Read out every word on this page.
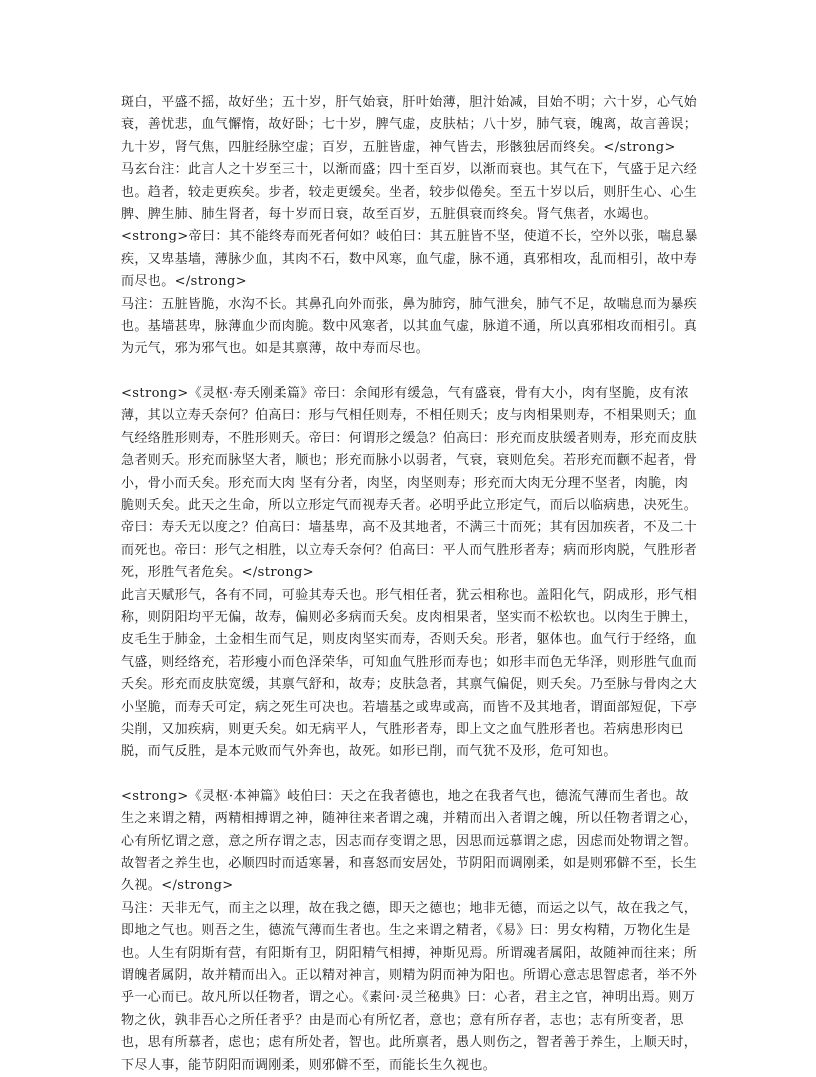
斑白，平盛不摇，故好坐；五十岁，肝气始衰，肝叶始薄，胆汁始减，目始不明；六十岁，心气始衰，善忧悲，血气懈惰，故好卧；七十岁，脾气虚，皮肤枯；八十岁，肺气衰，魄离，故言善误；九十岁，肾气焦，四脏经脉空虚；百岁，五脏皆虚，神气皆去，形骸独居而终矣。</strong>

马玄台注：此言人之十岁至三十，以渐而盛；四十至百岁，以渐而衰也。其气在下，气盛于足六经也。趋者，较走更疾矣。步者，较走更缓矣。坐者，较步似倦矣。至五十岁以后，则肝生心、心生脾、脾生肺、肺生肾者，每十岁而日衰，故至百岁，五脏俱衰而终矣。肾气焦者，水竭也。

<strong>帝曰：其不能终寿而死者何如？岐伯曰：其五脏皆不坚，使道不长，空外以张，喘息暴疾，又卑基墙，薄脉少血，其肉不石，数中风寒，血气虚，脉不通，真邪相攻，乱而相引，故中寿而尽也。</strong>

马注：五脏皆脆，水沟不长。其鼻孔向外而张，鼻为肺窍，肺气泄矣，肺气不足，故喘息而为暴疾也。基墙甚卑，脉薄血少而肉脆。数中风寒者，以其血气虚，脉道不通，所以真邪相攻而相引。真为元气，邪为邪气也。如是其禀薄，故中寿而尽也。

<strong>《灵枢·寿夭刚柔篇》帝曰：余闻形有缓急，气有盛衰，骨有大小，肉有坚脆，皮有浓薄，其以立寿夭奈何？伯高曰：形与气相任则寿，不相任则夭；皮与肉相果则寿，不相果则夭；血气经络胜形则寿，不胜形则夭。帝曰：何谓形之缓急？伯高曰：形充而皮肤缓者则寿，形充而皮肤急者则夭。形充而脉坚大者，顺也；形充而脉小以弱者，气衰，衰则危矣。若形充而颧不起者，骨小，骨小而夭矣。形充而大肉 坚有分者，肉坚，肉坚则寿；形充而大肉无分理不坚者，肉脆，肉脆则夭矣。此天之生命，所以立形定气而视寿夭者。必明乎此立形定气，而后以临病患，决死生。帝曰：寿夭无以度之？伯高曰：墙基卑，高不及其地者，不满三十而死；其有因加疾者，不及二十而死也。帝曰：形气之相胜，以立寿夭奈何？伯高曰：平人而气胜形者寿；病而形肉脱，气胜形者死，形胜气者危矣。</strong>

此言天赋形气，各有不同，可验其寿夭也。形气相任者，犹云相称也。盖阳化气，阴成形，形气相称，则阴阳均平无偏，故寿，偏则必多病而夭矣。皮肉相果者，坚实而不松软也。以肉生于脾土，皮毛生于肺金，土金相生而气足，则皮肉坚实而寿，否则夭矣。形者，躯体也。血气行于经络，血气盛，则经络充，若形瘦小而色泽荣华，可知血气胜形而寿也；如形丰而色无华泽，则形胜气血而夭矣。形充而皮肤宽缓，其禀气舒和，故寿；皮肤急者，其禀气偏促，则夭矣。乃至脉与骨肉之大小坚脆，而寿夭可定，病之死生可决也。若墙基之或卑或高，而皆不及其地者，谓面部短促，下亭尖削，又加疾病，则更夭矣。如无病平人，气胜形者寿，即上文之血气胜形者也。若病患形肉已脱，而气反胜，是本元败而气外奔也，故死。如形已削，而气犹不及形，危可知也。

<strong>《灵枢·本神篇》岐伯曰：天之在我者德也，地之在我者气也，德流气薄而生者也。故生之来谓之精，两精相搏谓之神，随神往来者谓之魂，并精而出入者谓之魄，所以任物者谓之心，心有所忆谓之意，意之所存谓之志，因志而存变谓之思，因思而远慕谓之虑，因虑而处物谓之智。故智者之养生也，必顺四时而适寒暑，和喜怒而安居处，节阴阳而调刚柔，如是则邪僻不至，长生久视。</strong>

马注：天非无气，而主之以理，故在我之德，即天之德也；地非无德，而运之以气，故在我之气，即地之气也。则吾之生，德流气薄而生者也。生之来谓之精者，《易》曰：男女构精，万物化生是也。人生有阴斯有营，有阳斯有卫，阴阳精气相搏，神斯见焉。所谓魂者属阳，故随神而往来；所谓魄者属阴，故并精而出入。正以精对神言，则精为阴而神为阳也。所谓心意志思智虑者，举不外乎一心而已。故凡所以任物者，谓之心。《素问·灵兰秘典》曰：心者，君主之官，神明出焉。则万物之伙，孰非吾心之所任者乎？由是而心有所忆者，意也；意有所存者，志也；志有所变者，思也，思有所慕者，虑也；虑有所处者，智也。此所禀者，愚人则伤之，智者善于养生，上顺天时，下尽人事，能节阴阳而调刚柔，则邪僻不至，而能长生久视也。
